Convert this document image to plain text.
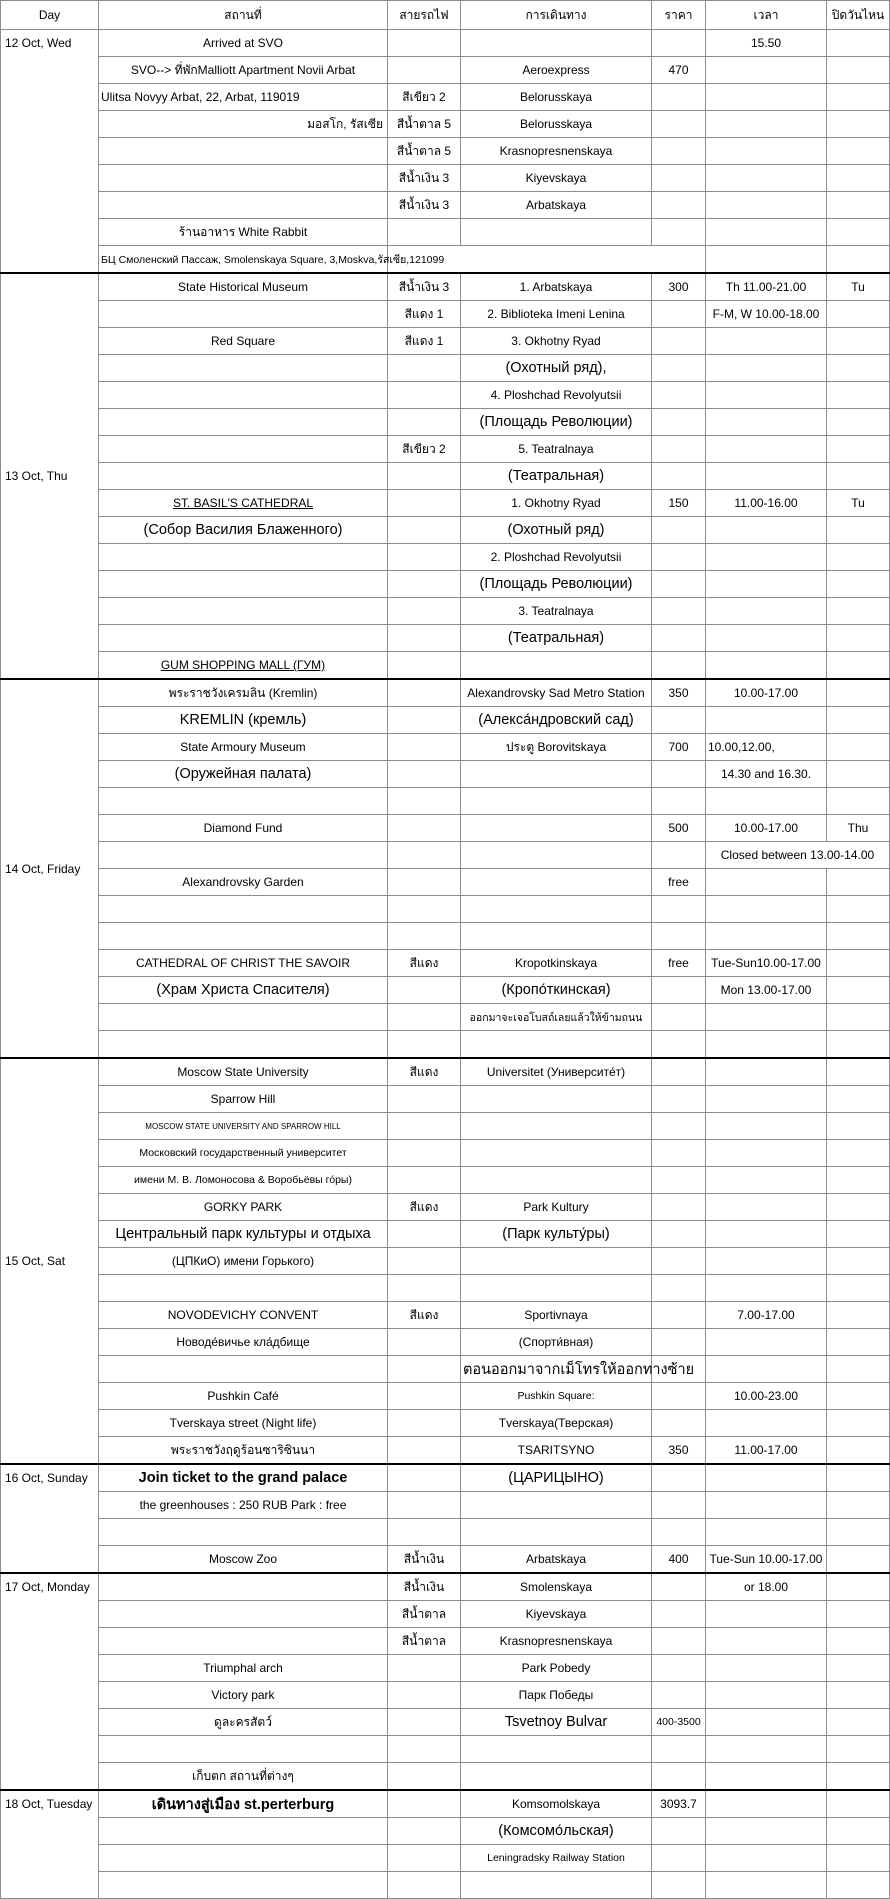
Day	สถานที่	สายรถไฟ	การเดินทาง	ราคา	เวลา	ปิดวันไหน
12 Oct, Wed	Arrived at SVO				15.50	
	SVO--> ที่พักMalliott Apartment Novii Arbat		Aeroexpress	470		
	Ulitsa Novyy Arbat, 22, Arbat, 119019	สีเขียว 2	Belorusskaya			
	มอสโก, รัสเซีย	สีน้ำตาล 5	Belorusskaya			
		สีน้ำตาล 5	Krasnopresnenskaya			
		สีน้ำเงิน 3	Kiyevskaya			
		สีน้ำเงิน 3	Arbatskaya			
	ร้านอาหาร White Rabbit					
	БЦ Смоленский Пассаж, Smolenskaya Square, 3,Moskva,รัสเซีย,121099					
13 Oct, Thu	State Historical Museum	สีน้ำเงิน 3	1. Arbatskaya	300	Th 11.00-21.00	Tu
		สีแดง 1	2. Biblioteka Imeni Lenina		F-M, W 10.00-18.00	
	Red Square	สีแดง 1	3. Okhotny Ryad			
			(Охотный ряд),			
			4. Ploshchad Revolyutsii			
			(Площадь Революции)			
		สีเขียว 2	5. Teatralnaya			
			(Театральная)			
	ST. BASIL'S CATHEDRAL		1. Okhotny Ryad	150	11.00-16.00	Tu
	(Собор Василия Блаженного)		(Охотный ряд)			
			2. Ploshchad Revolyutsii			
			(Площадь Революции)			
			3. Teatralnaya			
			(Театральная)			
	GUM SHOPPING MALL (ГУМ)					
14 Oct, Friday	พระราชวังเครมลิน (Kremlin)		Alexandrovsky Sad Metro Station	350	10.00-17.00	
	KREMLIN (кремль)		(Алекса́ндровский сад)			
	State Armoury Museum		ประตู Borovitskaya	700	10.00,12.00,	
	(Оружейная палата)				14.30 and 16.30.	

	Diamond Fund			500	10.00-17.00	Thu
					Closed between 13.00-14.00	
	Alexandrovsky Garden			free		

	CATHEDRAL OF CHRIST THE SAVOIR	สีแดง	Kropotkinskaya	free	Tue-Sun10.00-17.00	
	(Храм Христа Спасителя)		(Кропо́ткинская)		Mon 13.00-17.00	
			ออกมาจะเจอโบสถ์เลยแล้วให้ข้ามถนน			

15 Oct, Sat	Moscow State University	สีแดง	Universitet (Университе́т)			
	Sparrow Hill					
	MOSCOW STATE UNIVERSITY AND SPARROW HILL					
	Московский государственный университет					
	имени М. В. Ломоносова & Воробьёвы го́ры)					
	GORKY PARK	สีแดง	Park Kultury			
	Центральный парк культуры и отдыха		(Парк культу́ры)			
	(ЦПКиО) имени Горького)					

	NOVODEVICHY CONVENT	สีแดง	Sportivnaya		7.00-17.00	
	Новоде́вичье кла́дбище		(Спорти́вная)			
			ตอนออกมาจากเม็โทรให้ออกทางซ้าย			
	Pushkin Café		Pushkin Square:		10.00-23.00	
	Tverskaya street (Night life)		Tverskaya(Тверская)			
	พระราชวังฤดูร้อนซาริซินนา		TSARITSYNO	350	11.00-17.00	
16 Oct, Sunday	Join ticket to the grand palace		(ЦАРИЦЫНО)			
	the greenhouses : 250 RUB Park : free					

	Moscow Zoo	สีน้ำเงิน	Arbatskaya	400	Tue-Sun 10.00-17.00	
17 Oct, Monday		สีน้ำเงิน	Smolenskaya		or 18.00	
		สีน้ำตาล	Kiyevskaya			
		สีน้ำตาล	Krasnopresnenskaya			
	Triumphal arch		Park Pobedy			
	Victory park		Парк Победы			
	ดูละครสัตว์		Tsvetnoy Bulvar	400-3500		

	เก็บตก สถานที่ต่างๆ					
18 Oct, Tuesday	เดินทางสู่เมือง st.perterburg		Komsomolskaya	3093.7		
			(Комсомо́льская)			
			Leningradsky Railway Station			
